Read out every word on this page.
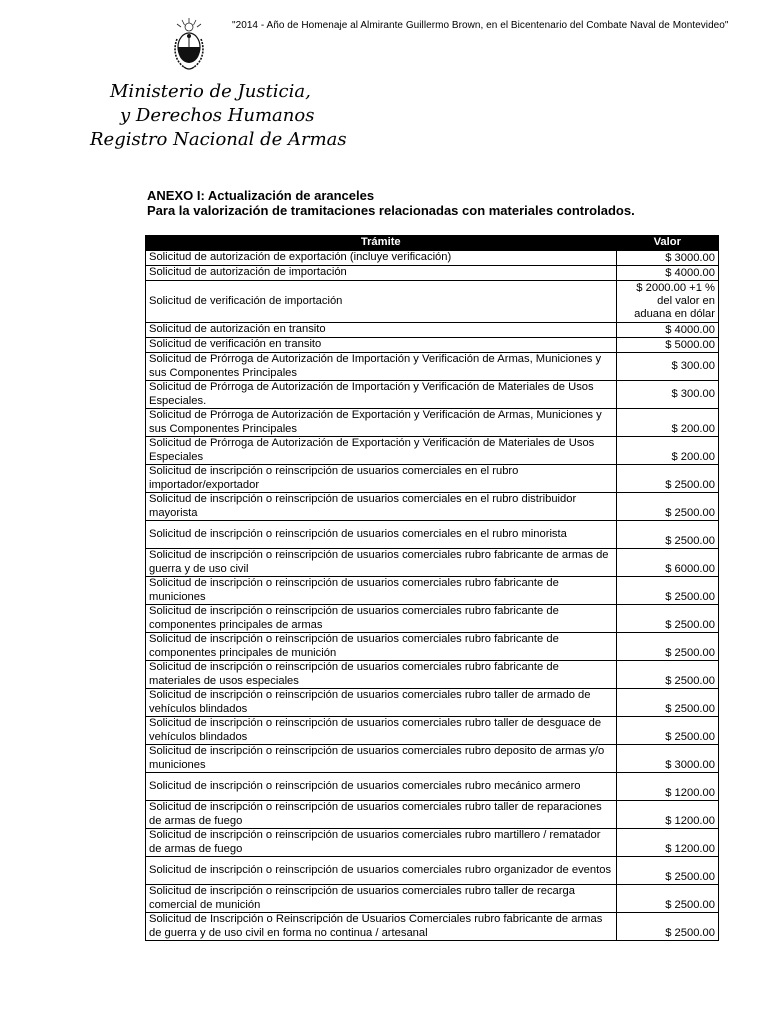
"2014 - Año de Homenaje al Almirante Guillermo Brown, en el Bicentenario del Combate Naval de Montevideo"
Ministerio de Justicia,
y Derechos Humanos
Registro Nacional de Armas
ANEXO I: Actualización de aranceles
Para la valorización de tramitaciones relacionadas con materiales controlados.
Trámite	Valor
Solicitud de autorización de exportación (incluye verificación)	$ 3000.00
Solicitud de autorización de importación	$ 4000.00
Solicitud de verificación de importación	$ 2000.00 +1 % del valor en aduana en dólar
Solicitud de autorización en transito	$ 4000.00
Solicitud de verificación en transito	$ 5000.00
Solicitud de Prórroga de Autorización de Importación y Verificación de Armas, Municiones y sus Componentes Principales	$ 300.00
Solicitud de Prórroga de Autorización de Importación y Verificación de Materiales de Usos Especiales.	$ 300.00
Solicitud de Prórroga de Autorización de Exportación y Verificación de Armas, Municiones y sus Componentes Principales	$ 200.00
Solicitud de Prórroga de Autorización de Exportación y Verificación de Materiales de Usos Especiales	$ 200.00
Solicitud de inscripción o reinscripción de usuarios comerciales en el rubro importador/exportador	$ 2500.00
Solicitud de inscripción o reinscripción de usuarios comerciales en el rubro distribuidor mayorista	$ 2500.00
Solicitud de inscripción o reinscripción de usuarios comerciales en el rubro minorista	$ 2500.00
Solicitud de inscripción o reinscripción de usuarios comerciales rubro fabricante de armas de guerra y de uso civil	$ 6000.00
Solicitud de inscripción o reinscripción de usuarios comerciales rubro fabricante de municiones	$ 2500.00
Solicitud de inscripción o reinscripción de usuarios comerciales rubro fabricante de componentes principales de armas	$ 2500.00
Solicitud de inscripción o reinscripción de usuarios comerciales rubro fabricante de componentes principales de munición	$ 2500.00
Solicitud de inscripción o reinscripción de usuarios comerciales rubro fabricante de materiales de usos especiales	$ 2500.00
Solicitud de inscripción o reinscripción de usuarios comerciales rubro taller de armado de vehículos blindados	$ 2500.00
Solicitud de inscripción o reinscripción de usuarios comerciales rubro taller de desguace de vehículos blindados	$ 2500.00
Solicitud de inscripción o reinscripción de usuarios comerciales rubro deposito de armas y/o municiones	$ 3000.00
Solicitud de inscripción o reinscripción de usuarios comerciales rubro mecánico armero	$ 1200.00
Solicitud de inscripción o reinscripción de usuarios comerciales rubro taller de reparaciones de armas de fuego	$ 1200.00
Solicitud de inscripción o reinscripción de usuarios comerciales rubro martillero / rematador de armas de fuego	$ 1200.00
Solicitud de inscripción o reinscripción de usuarios comerciales rubro organizador de eventos	$ 2500.00
Solicitud de inscripción o reinscripción de usuarios comerciales rubro taller de recarga comercial de munición	$ 2500.00
Solicitud de Inscripción o Reinscripción de Usuarios Comerciales rubro fabricante de armas de guerra y de uso civil en forma no continua / artesanal	$ 2500.00
